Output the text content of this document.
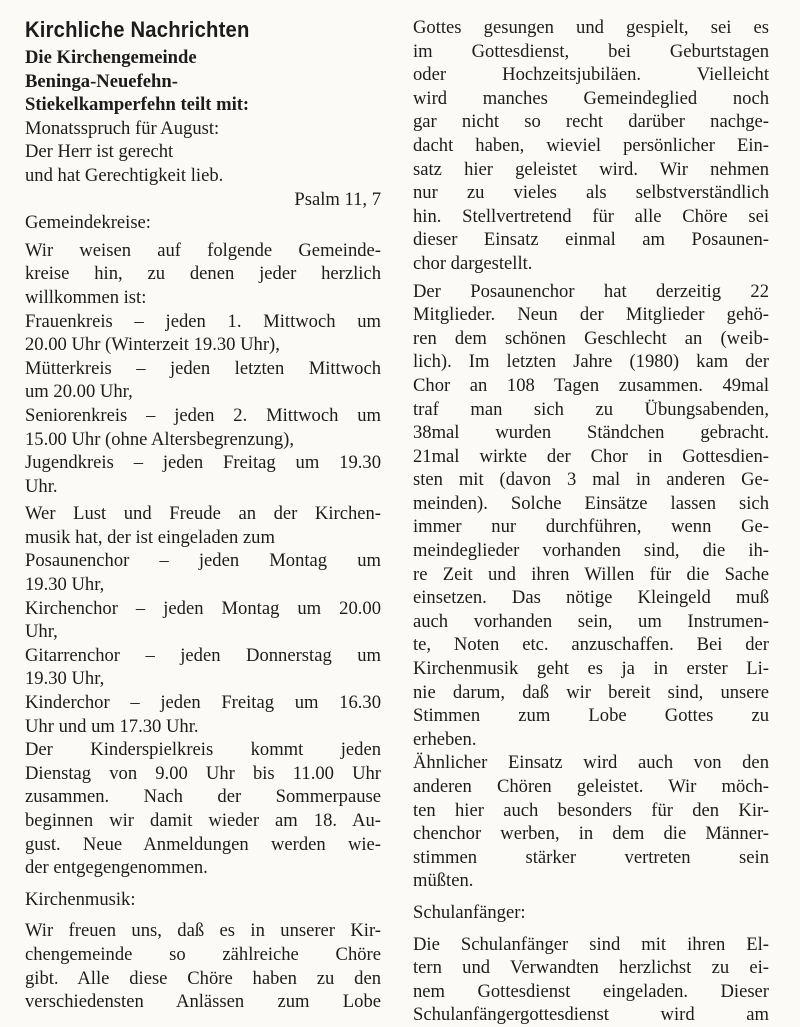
Kirchliche Nachrichten
Die Kirchengemeinde
Beninga-Neuefehn-
Stiekelkamperfehn teilt mit:
Monatsspruch für August:
Der Herr ist gerecht
und hat Gerechtigkeit lieb.
Psalm 11, 7
Gemeindekreise:
Wir weisen auf folgende Gemeinde-
kreise hin, zu denen jeder herzlich
willkommen ist:
Frauenkreis – jeden 1. Mittwoch um
20.00 Uhr (Winterzeit 19.30 Uhr),
Mütterkreis – jeden letzten Mittwoch
um 20.00 Uhr,
Seniorenkreis – jeden 2. Mittwoch um
15.00 Uhr (ohne Altersbegrenzung),
Jugendkreis – jeden Freitag um 19.30
Uhr.
Wer Lust und Freude an der Kirchen-
musik hat, der ist eingeladen zum
Posaunenchor – jeden Montag um
19.30 Uhr,
Kirchenchor – jeden Montag um 20.00
Uhr,
Gitarrenchor – jeden Donnerstag um
19.30 Uhr,
Kinderchor – jeden Freitag um 16.30
Uhr und um 17.30 Uhr.
Der Kinderspielkreis kommt jeden
Dienstag von 9.00 Uhr bis 11.00 Uhr
zusammen. Nach der Sommerpause
beginnen wir damit wieder am 18. Au-
gust. Neue Anmeldungen werden wie-
der entgegengenommen.
Kirchenmusik:
Wir freuen uns, daß es in unserer Kir-
chengemeinde so zählreiche Chöre
gibt. Alle diese Chöre haben zu den
verschiedensten Anlässen zum Lobe
Gottes gesungen und gespielt, sei es
im Gottesdienst, bei Geburtstagen
oder Hochzeitsjubiläen. Vielleicht
wird manches Gemeindeglied noch
gar nicht so recht darüber nachge-
dacht haben, wieviel persönlicher Ein-
satz hier geleistet wird. Wir nehmen
nur zu vieles als selbstverständlich
hin. Stellvertretend für alle Chöre sei
dieser Einsatz einmal am Posaunen-
chor dargestellt.
Der Posaunenchor hat derzeitig 22
Mitglieder. Neun der Mitglieder gehö-
ren dem schönen Geschlecht an (weib-
lich). Im letzten Jahre (1980) kam der
Chor an 108 Tagen zusammen. 49mal
traf man sich zu Übungsabenden,
38mal wurden Ständchen gebracht.
21mal wirkte der Chor in Gottesdien-
sten mit (davon 3 mal in anderen Ge-
meinden). Solche Einsätze lassen sich
immer nur durchführen, wenn Ge-
meindeglieder vorhanden sind, die ih-
re Zeit und ihren Willen für die Sache
einsetzen. Das nötige Kleingeld muß
auch vorhanden sein, um Instrumen-
te, Noten etc. anzuschaffen. Bei der
Kirchenmusik geht es ja in erster Li-
nie darum, daß wir bereit sind, unsere
Stimmen zum Lobe Gottes zu
erheben.
Ähnlicher Einsatz wird auch von den
anderen Chören geleistet. Wir möch-
ten hier auch besonders für den Kir-
chenchor werben, in dem die Männer-
stimmen stärker vertreten sein
müßten.
Schulanfänger:
Die Schulanfänger sind mit ihren El-
tern und Verwandten herzlichst zu ei-
nem Gottesdienst eingeladen. Dieser
Schulanfängergottesdienst wird am
